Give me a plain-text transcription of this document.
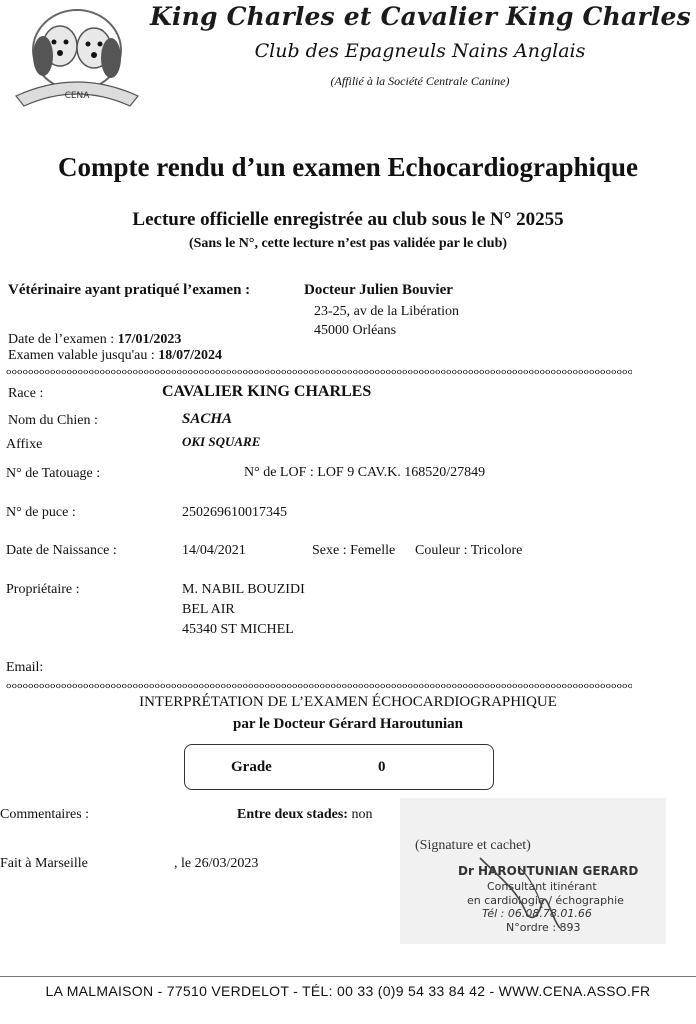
CENA
King Charles et Cavalier King Charles
Club des Epagneuls Nains Anglais
(Affilié à la Société Centrale Canine)
Compte rendu d’un examen Echocardiographique
Lecture officielle enregistrée au club sous le N° 20255
(Sans le N°, cette lecture n’est pas validée par le club)
Vétérinaire ayant pratiqué l’examen :	Docteur Julien Bouvier
23-25, av de la Libération
45000 Orléans
Date de l’examen : 17/01/2023
Examen valable jusqu'au : 18/07/2024
Race :	CAVALIER KING CHARLES
Nom du Chien :	SACHA
Affixe	OKI SQUARE
N° de Tatouage :	N° de LOF : LOF 9 CAV.K. 168520/27849
N° de puce :	250269610017345
Date de Naissance :	14/04/2021	Sexe : Femelle Couleur : Tricolore
Propriétaire :	M. NABIL BOUZIDI
BEL AIR
45340 ST MICHEL
Email:
INTERPRÉTATION DE L’EXAMEN ÉCHOCARDIOGRAPHIQUE
par le Docteur Gérard Haroutunian
Grade	0
Commentaires :	Entre deux stades: non
Fait à Marseille	, le 26/03/2023
(Signature et cachet)
Dr HAROUTUNIAN GERARD
Consultant itinérant
en cardiologie / échographie
Tél : 06.08.78.01.66
N°ordre : 893
LA MALMAISON - 77510 VERDELOT - TÉL: 00 33 (0)9 54 33 84 42 - WWW.CENA.ASSO.FR
